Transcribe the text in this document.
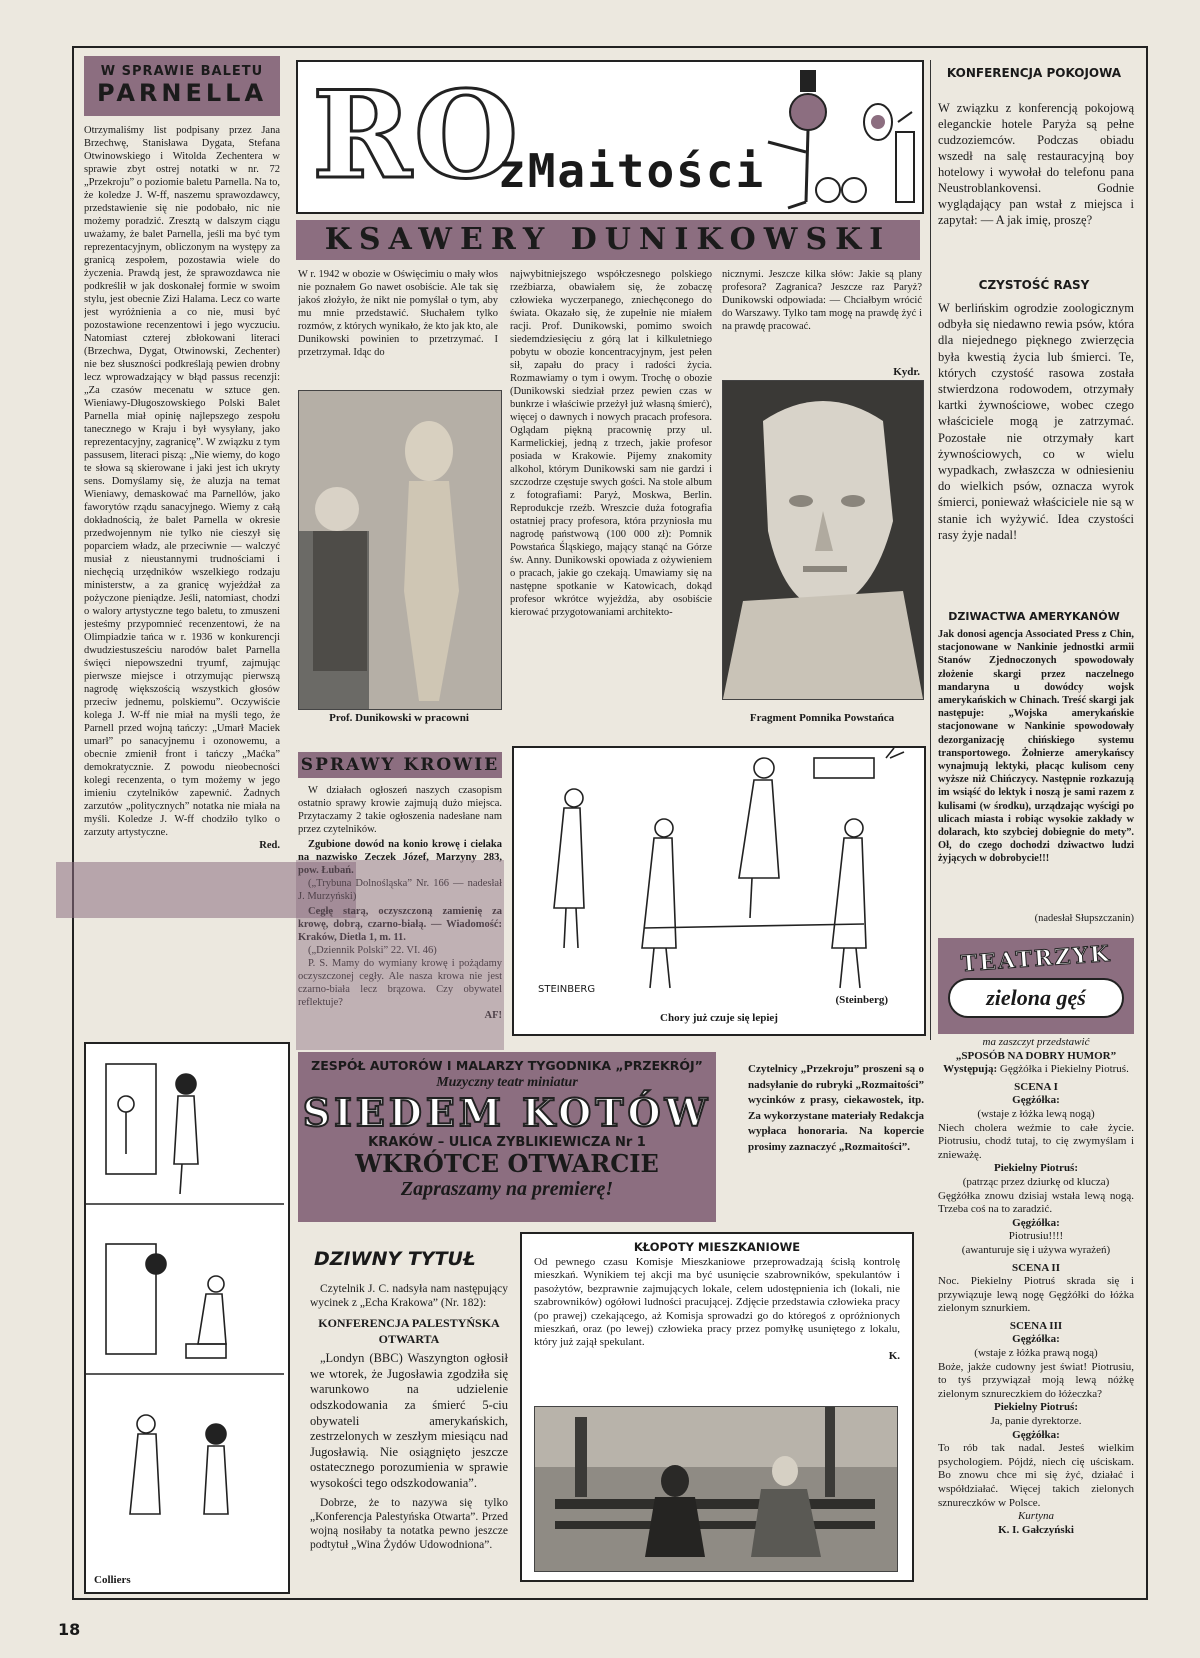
W SPRAWIE BALETU
PARNELLA
Otrzymaliśmy list podpisany przez Jana Brzechwę, Stanisława Dygata, Stefana Otwinowskiego i Witolda Zechentera w sprawie zbyt ostrej notatki w nr. 72 „Przekroju” o poziomie baletu Parnella. Na to, że koledze J. W-ff, naszemu sprawozdawcy, przedstawienie się nie podobało, nic nie możemy poradzić. Zresztą w dalszym ciągu uważamy, że balet Parnella, jeśli ma być tym reprezentacyjnym, obliczonym na występy za granicą zespołem, pozostawia wiele do życzenia. Prawdą jest, że sprawozdawca nie podkreślił w jak doskonałej formie w swoim stylu, jest obecnie Zizi Halama. Lecz co warte jest wyróżnienia a co nie, musi być pozostawione recenzentowi i jego wyczuciu. Natomiast czterej zbłokowani literaci (Brzechwa, Dygat, Otwinowski, Zechenter) nie bez słuszności podkreślają pewien drobny lecz wprowadzający w błąd passus recenzji: „Za czasów mecenatu w sztuce gen. Wieniawy-Długoszowskiego Polski Balet Parnella miał opinię najlepszego zespołu tanecznego w Kraju i był wysyłany, jako reprezentacyjny, zagranicę”. W związku z tym passusem, literaci piszą: „Nie wiemy, do kogo te słowa są skierowane i jaki jest ich ukryty sens. Domyślamy się, że aluzja na temat Wieniawy, demaskować ma Parnellów, jako faworytów rządu sanacyjnego. Wiemy z całą dokładnością, że balet Parnella w okresie przedwojennym nie tylko nie cieszył się poparciem władz, ale przeciwnie — walczyć musiał z nieustannymi trudnościami i niechęcią urzędników wszelkiego rodzaju ministerstw, a za granicę wyjeżdżał za pożyczone pieniądze. Jeśli, natomiast, chodzi o walory artystyczne tego baletu, to zmuszeni jesteśmy przypomnieć recenzentowi, że na Olimpiadzie tańca w r. 1936 w konkurencji dwudziestusześciu narodów balet Parnella święci niepowszedni tryumf, zajmując pierwsze miejsce i otrzymując pierwszą nagrodę większością wszystkich głosów przeciw jednemu, polskiemu”. Oczywiście kolega J. W-ff nie miał na myśli tego, że Parnell przed wojną tańczy: „Umarł Maciek umarł” po sanacyjnemu i ozonowemu, a obecnie zmienił front i tańczy „Maćka” demokratycznie. Z powodu nieobecności kolegi recenzenta, o tym możemy w jego imieniu czytelników zapewnić. Żadnych zarzutów „politycznych” notatka nie miała na myśli. Koledze J. W-ff chodziło tylko o zarzuty artystyczne.
Red.
RO
zMaitości
KSAWERY DUNIKOWSKI
W r. 1942 w obozie w Oświęcimiu o mały włos nie poznałem Go nawet osobiście. Ale tak się jakoś złożyło, że nikt nie pomyślał o tym, aby mu mnie przedstawić. Słuchałem tylko rozmów, z których wynikało, że kto jak kto, ale Dunikowski powinien to przetrzymać. I przetrzymał. Idąc do
najwybitniejszego współczesnego polskiego rzeźbiarza, obawiałem się, że zobaczę człowieka wyczerpanego, zniechęconego do świata. Okazało się, że zupełnie nie miałem racji. Prof. Dunikowski, pomimo swoich siedemdziesięciu z górą lat i kilkuletniego pobytu w obozie koncentracyjnym, jest pełen sił, zapału do pracy i radości życia. Rozmawiamy o tym i owym. Trochę o obozie (Dunikowski siedział przez pewien czas w bunkrze i właściwie przeżył już własną śmierć), więcej o dawnych i nowych pracach profesora. Oglądam piękną pracownię przy ul. Karmelickiej, jedną z trzech, jakie profesor posiada w Krakowie. Pijemy znakomity alkohol, którym Dunikowski sam nie gardzi i szczodrze częstuje swych gości. Na stole album z fotografiami: Paryż, Moskwa, Berlin. Reprodukcje rzeźb. Wreszcie duża fotografia ostatniej pracy profesora, która przyniosła mu nagrodę państwową (100 000 zł): Pomnik Powstańca Śląskiego, mający stanąć na Górze św. Anny. Dunikowski opowiada z ożywieniem o pracach, jakie go czekają. Umawiamy się na następne spotkanie w Katowicach, dokąd profesor wkrótce wyjeżdża, aby osobiście kierować przygotowaniami architekto-
nicznymi. Jeszcze kilka słów: Jakie są plany profesora? Zagranica? Jeszcze raz Paryż? Dunikowski odpowiada: — Chciałbym wrócić do Warszawy. Tylko tam mogę na prawdę żyć i na prawdę pracować.
Kydr.
Prof. Dunikowski w pracowni	Fragment Pomnika Powstańca
KONFERENCJA POKOJOWA
W związku z konferencją pokojową eleganckie hotele Paryża są pełne cudzoziemców. Podczas obiadu wszedł na salę restauracyjną boy hotelowy i wywołał do telefonu pana Neustroblankovensi. Godnie wyglądający pan wstał z miejsca i zapytał: — A jak imię, proszę?
CZYSTOŚĆ RASY
W berlińskim ogrodzie zoologicznym odbyła się niedawno rewia psów, która dla niejednego pięknego zwierzęcia była kwestią życia lub śmierci. Te, których czystość rasowa została stwierdzona rodowodem, otrzymały kartki żywnościowe, wobec czego właściciele mogą je zatrzymać. Pozostałe nie otrzymały kart żywnościowych, co w wielu wypadkach, zwłaszcza w odniesieniu do wielkich psów, oznacza wyrok śmierci, ponieważ właściciele nie są w stanie ich wyżywić. Idea czystości rasy żyje nadal!
DZIWACTWA AMERYKANÓW
Jak donosi agencja Associated Press z Chin, stacjonowane w Nankinie jednostki armii Stanów Zjednoczonych spowodowały złożenie skargi przez naczelnego mandaryna u dowódcy wojsk amerykańskich w Chinach. Treść skargi jak następuje: „Wojska amerykańskie stacjonowane w Nankinie spowodowały dezorganizację chińskiego systemu transportowego. Żołnierze amerykańscy wynajmują lektyki, płacąc kulisom ceny wyższe niż Chińczycy. Następnie rozkazują im wsiąść do lektyk i noszą je sami razem z kulisami (w środku), urządzając wyścigi po ulicach miasta i robiąc wysokie zakłady w dolarach, kto szybciej dobiegnie do mety”. Oł, do czego dochodzi dziwactwo ludzi żyjących w dobrobycie!!!
(nadesłał Słupszczanin)
SPRAWY KROWIE
W działach ogłoszeń naszych czasopism ostatnio sprawy krowie zajmują dużo miejsca. Przytaczamy 2 takie ogłoszenia nadesłane nam przez czytelników.
Zgubione dowód na konio krowę i cielaka na nazwisko Zeczek Józef, Marzyny 283, pow. Łubań.
(„Trybuna Dolnośląska” Nr. 166 — nadesłał J. Murzyński)
Cegłę starą, oczyszczoną zamienię za krowę, dobrą, czarno-białą. — Wiadomość: Kraków, Dietla 1, m. 11.
(„Dziennik Polski” 22. VI. 46)
P. S. Mamy do wymiany krowę i pożądamy oczyszczonej cegły. Ale nasza krowa nie jest czarno-biała lecz brązowa. Czy obywatel reflektuje?
AF!
STEINBERG
(Steinberg)
Chory już czuje się lepiej
Colliers
ZESPÓŁ AUTORÓW I MALARZY TYGODNIKA „PRZEKRÓJ”
Muzyczny teatr miniatur
SIEDEM KOTÓW
KRAKÓW – ULICA ZYBLIKIEWICZA Nr 1
WKRÓTCE OTWARCIE
Zapraszamy na premierę!
Czytelnicy „Przekroju” proszeni są o nadsyłanie do rubryki „Rozmaitości” wycinków z prasy, ciekawostek, itp. Za wykorzystane materiały Redakcja wypłaca honoraria. Na kopercie prosimy zaznaczyć „Rozmaitości”.
DZIWNY TYTUŁ
Czytelnik J. C. nadsyła nam następujący wycinek z „Echa Krakowa” (Nr. 182):
KONFERENCJA PALESTYŃSKA OTWARTA
„Londyn (BBC) Waszyngton ogłosił we wtorek, że Jugosławia zgodziła się warunkowo na udzielenie odszkodowania za śmierć 5-ciu obywateli amerykańskich, zestrzelonych w zeszłym miesiącu nad Jugosławią. Nie osiągnięto jeszcze ostatecznego porozumienia w sprawie wysokości tego odszkodowania”.
Dobrze, że to nazywa się tylko „Konferencja Palestyńska Otwarta”. Przed wojną nosiłaby ta notatka pewno jeszcze podtytuł „Wina Żydów Udowodniona”.
KŁOPOTY MIESZKANIOWE
Od pewnego czasu Komisje Mieszkaniowe przeprowadzają ścisłą kontrolę mieszkań. Wynikiem tej akcji ma być usunięcie szabrowników, spekulantów i pasożytów, bezprawnie zajmujących lokale, celem udostępnienia ich (lokali, nie szabrowników) ogółowi ludności pracującej. Zdjęcie przedstawia człowieka pracy (po prawej) czekającego, aż Komisja sprowadzi go do któregoś z opróżnionych mieszkań, oraz (po lewej) człowieka pracy przez pomyłkę usuniętego z lokalu, który już zajął spekulant.
K.
TEATRZYK
zielona gęś
ma zaszczyt przedstawić
„SPOSÓB NA DOBRY HUMOR”
Występują: Gęgżółka i Piekielny Piotruś.
SCENA I
Gęgżółka:
(wstaje z łóżka lewą nogą)
Niech cholera weźmie to całe życie. Piotrusiu, chodź tutaj, to cię zwymyślam i znieważę.
Piekielny Piotruś:
(patrząc przez dziurkę od klucza)
Gęgżółka znowu dzisiaj wstała lewą nogą. Trzeba coś na to zaradzić.
Gęgżółka:
Piotrusiu!!!!
(awanturuje się i używa wyrażeń)
SCENA II
Noc. Piekielny Piotruś skrada się i przywiązuje lewą nogę Gęgżółki do łóżka zielonym sznurkiem.
SCENA III
Gęgżółka:
(wstaje z łóżka prawą nogą)
Boże, jakże cudowny jest świat! Piotrusiu, to tyś przywiązał moją lewą nóżkę zielonym sznureczkiem do łóżeczka?
Piekielny Piotruś:
Ja, panie dyrektorze.
Gęgżółka:
To rób tak nadal. Jesteś wielkim psychologiem. Pójdź, niech cię uściskam. Bo znowu chce mi się żyć, działać i współdziałać. Więcej takich zielonych sznureczków w Polsce.
Kurtyna
K. I. Gałczyński
18
